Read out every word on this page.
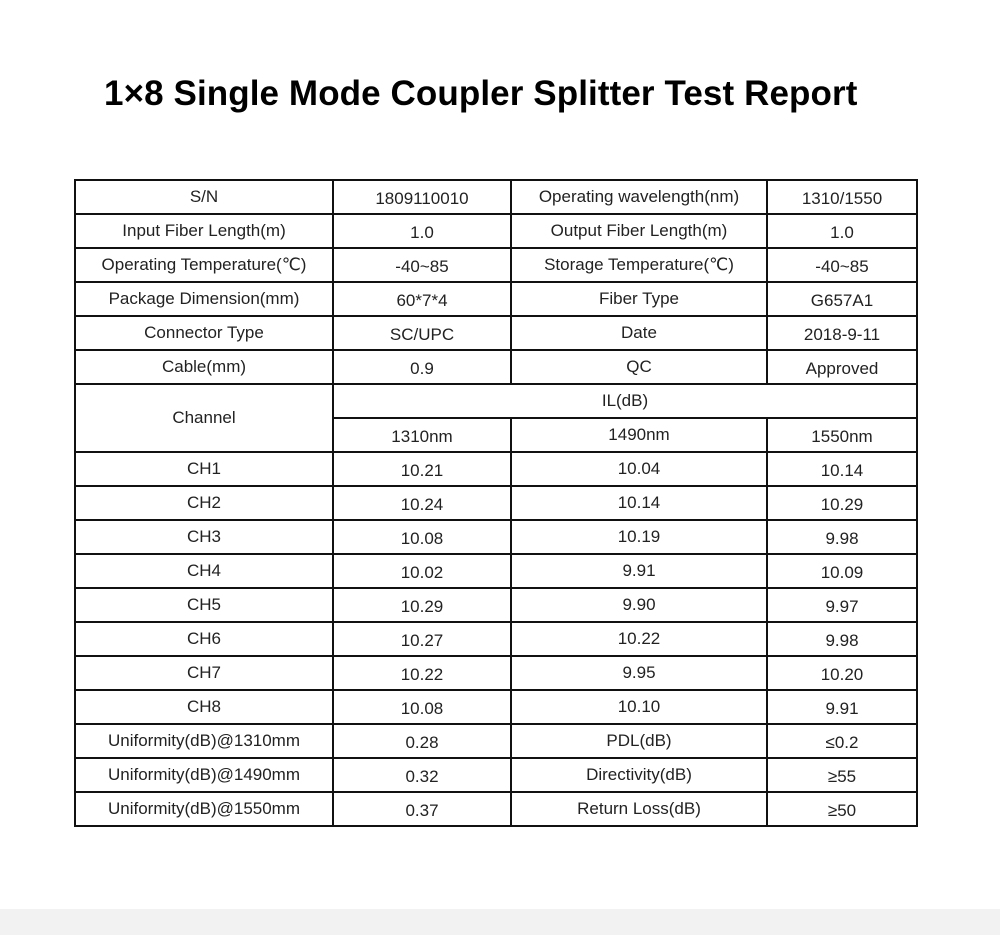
1×8 Single Mode Coupler Splitter Test Report
S/N	1809110010	Operating wavelength(nm)	1310/1550
Input Fiber Length(m)	1.0	Output Fiber Length(m)	1.0
Operating Temperature(℃)	-40~85	Storage Temperature(℃)	-40~85
Package Dimension(mm)	60*7*4	Fiber Type	G657A1
Connector Type	SC/UPC	Date	2018-9-11
Cable(mm)	0.9	QC	Approved
Channel	IL(dB)		
	1310nm	1490nm	1550nm
CH1	10.21	10.04	10.14
CH2	10.24	10.14	10.29
CH3	10.08	10.19	9.98
CH4	10.02	9.91	10.09
CH5	10.29	9.90	9.97
CH6	10.27	10.22	9.98
CH7	10.22	9.95	10.20
CH8	10.08	10.10	9.91
Uniformity(dB)@1310mm	0.28	PDL(dB)	≤0.2
Uniformity(dB)@1490mm	0.32	Directivity(dB)	≥55
Uniformity(dB)@1550mm	0.37	Return Loss(dB)	≥50
